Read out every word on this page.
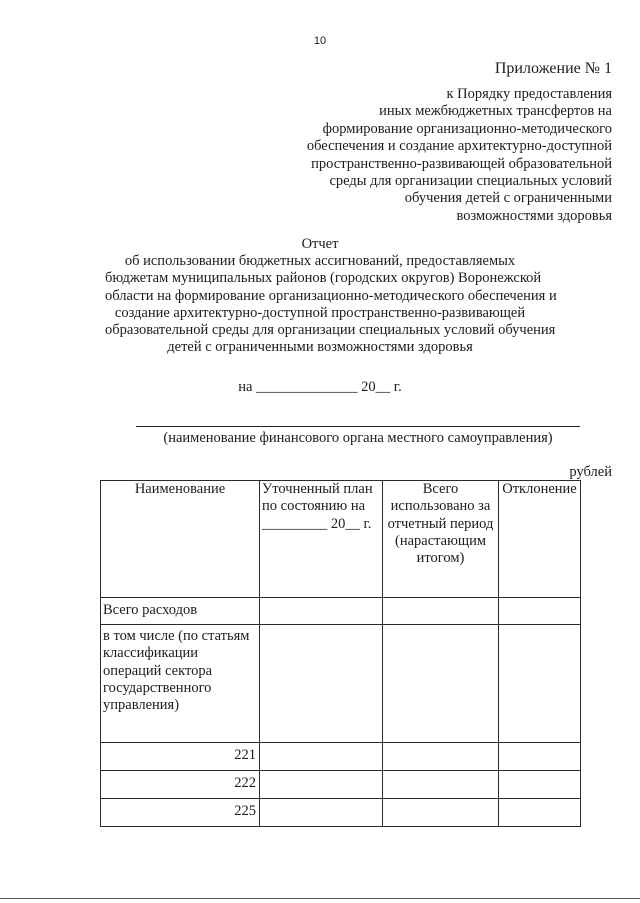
10
Приложение № 1
к Порядку предоставления
иных межбюджетных трансфертов на
формирование организационно-методического
обеспечения и создание архитектурно-доступной
пространственно-развивающей образовательной
среды для организации специальных условий
обучения детей с ограниченными
возможностями здоровья
Отчет
об использовании бюджетных ассигнований, предоставляемых
бюджетам муниципальных районов (городских округов) Воронежской
области на формирование организационно-методического обеспечения и
создание архитектурно-доступной пространственно-развивающей
образовательной среды для организации специальных условий обучения
детей с ограниченными возможностями здоровья
на ______________ 20__ г.
(наименование финансового органа местного самоуправления)
рублей
Наименование	Уточненный план по состоянию на _________ 20__ г.	Всего использовано за отчетный период (нарастающим итогом)	Отклонение
Всего расходов			
в том числе (по статьям классификации операций сектора государственного управления)			
221			
222			
225			
